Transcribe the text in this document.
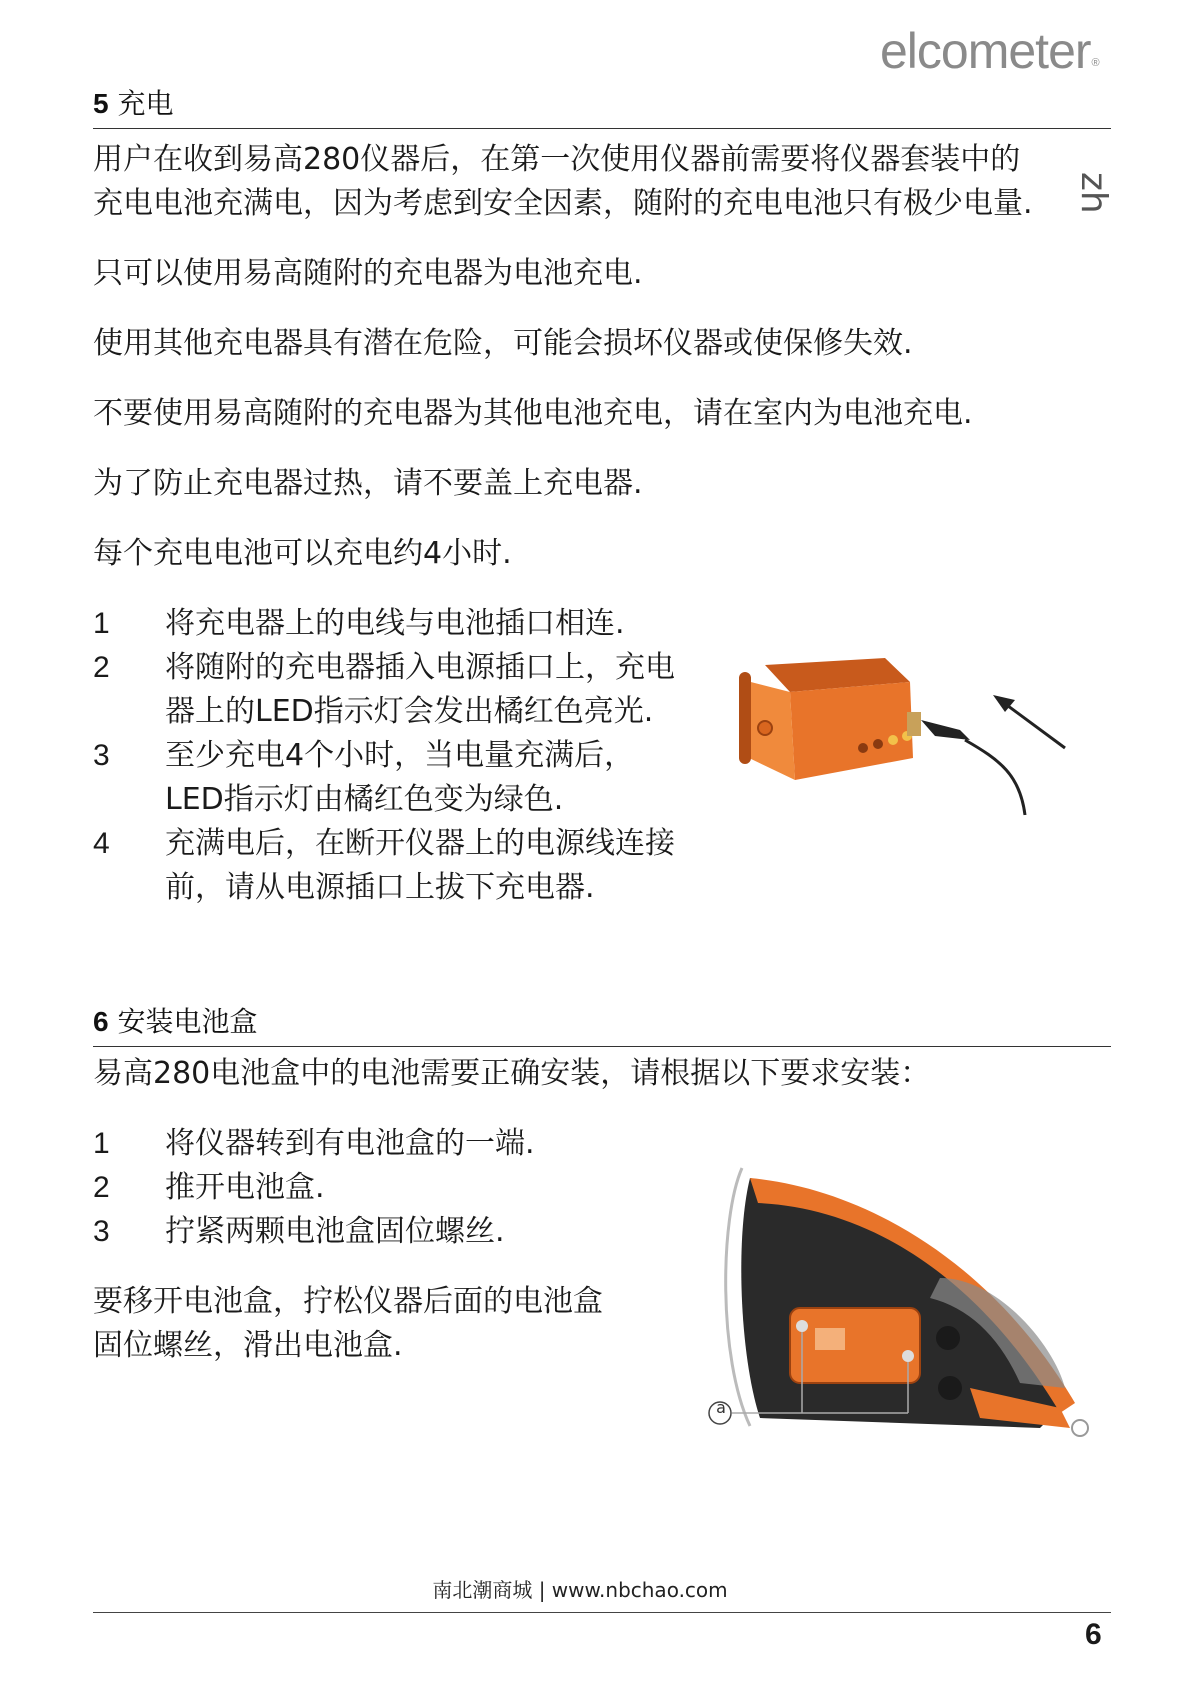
elcometer®
zh
5 充电
用户在收到易高280仪器后，在第一次使用仪器前需要将仪器套装中的
充电电池充满电，因为考虑到安全因素，随附的充电电池只有极少电量.
只可以使用易高随附的充电器为电池充电.
使用其他充电器具有潜在危险，可能会损坏仪器或使保修失效.
不要使用易高随附的充电器为其他电池充电，请在室内为电池充电.
为了防止充电器过热，请不要盖上充电器.
每个充电电池可以充电约4小时.
1 将充电器上的电线与电池插口相连.
2 将随附的充电器插入电源插口上，充电
器上的LED指示灯会发出橘红色亮光.
3 至少充电4个小时，当电量充满后，
LED指示灯由橘红色变为绿色.
4 充满电后，在断开仪器上的电源线连接
前，请从电源插口上拔下充电器.
6 安装电池盒
易高280电池盒中的电池需要正确安装，请根据以下要求安装：
1 将仪器转到有电池盒的一端.
2 推开电池盒.
3 拧紧两颗电池盒固位螺丝.
要移开电池盒，拧松仪器后面的电池盒
固位螺丝，滑出电池盒.
a
南北潮商城 | www.nbchao.com
6
